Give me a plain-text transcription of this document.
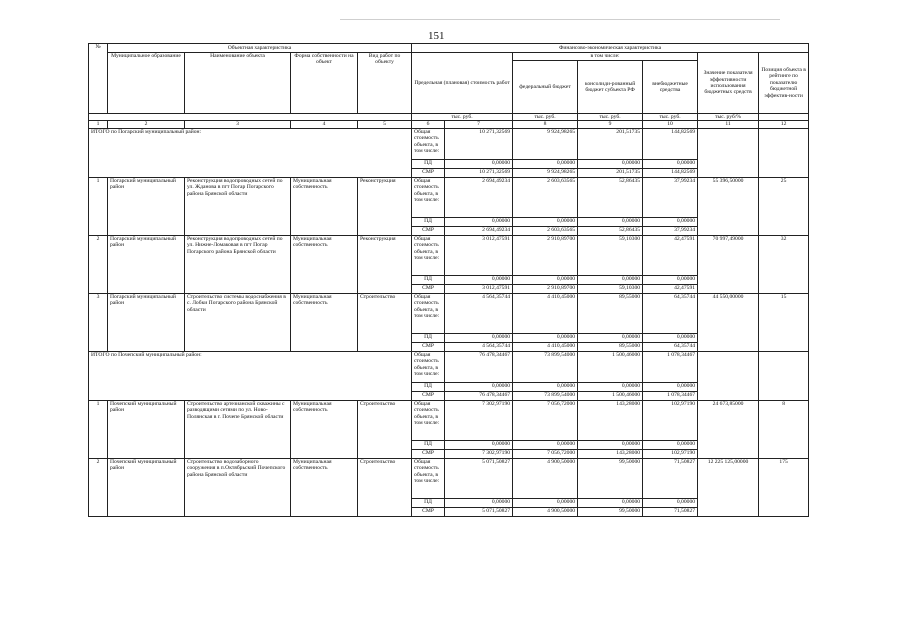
151
№	Объектная характеристика				Финансово-экономическая характеристика						
	Муниципальное образование	Наименование объекта	Форма собственности на объект	Вид работ по объекту	Предельная (плановая) стоимость работ		в том числе:			Значение показателя эффективности использования бюджетных средств	Позиция объекта в рейтинге по показателю бюджетной эффектив-ности
							федеральный бюджет	консолиди-рованный бюджет субъекта РФ	внебюджетные средства		
					тыс. руб.		тыс. руб.	тыс. руб.	тыс. руб.	тыс. руб/%	
1	2	3	4	5	6	7	8	9	10	11	12
ИТОГО по Погарский муниципальный район:					Общая стоимость объекта, в том числе:	10 271,32569	9 924,98265	201,51735	144,82569		
					ПД	0,00000	0,00000	0,00000	0,00000		
					СМР	10 271,32569	9 924,98265	201,51735	144,82569		
1	Погарский муниципальный район	Реконструкция водопроводных сетей по ул. Жданова в пгт Погар Погарского района Брянской области	Муниципальная собственность	Реконструкция	Общая стоимость объекта, в том числе:	2 694,49234	2 603,63565	52,86435	37,99234	55 396,50000	25
					ПД	0,00000	0,00000	0,00000	0,00000		
					СМР	2 694,49234	2 603,63565	52,86435	37,99234		
2	Погарский муниципальный район	Реконструкция водопроводных сетей по ул. Нижне-Ломаковая в пгт Погар Погарского района Брянской области	Муниципальная собственность	Реконструкция	Общая стоимость объекта, в том числе:	3 012,47591	2 910,89700	59,10300	42,47591	70 997,49000	32
					ПД	0,00000	0,00000	0,00000	0,00000		
					СМР	3 012,47591	2 910,89700	59,10300	42,47591		
3	Погарский муниципальный район	Строительство системы водоснабжения в с. Лобки Погарского района Брянской области	Муниципальная собственность	Строительство	Общая стоимость объекта, в том числе:	4 564,35744	4 410,45000	89,55000	64,35744	44 550,00000	15
					ПД	0,00000	0,00000	0,00000	0,00000		
					СМР	4 564,35744	4 410,45000	89,55000	64,35744		
ИТОГО по Почепский муниципальный район:					Общая стоимость объекта, в том числе:	76 478,34467	73 899,54000	1 500,46000	1 078,34467		
					ПД	0,00000	0,00000	0,00000	0,00000		
					СМР	76 478,34467	73 899,54000	1 500,46000	1 078,34467		
1	Почепский муниципальный район	Строительство артезианской скважины с разводящими сетями по ул. Ново-Полянская в г. Почепе Брянской области	Муниципальная собственность	Строительство	Общая стоимость объекта, в том числе:	7 302,97190	7 056,72000	143,28000	102,97190	24 673,85000	8
					ПД	0,00000	0,00000	0,00000	0,00000		
					СМР	7 302,97190	7 056,72000	143,28000	102,97190		
2	Почепский муниципальный район	Строительство водозаборного сооружения в п.Октябрьский Почепского района Брянской области	Муниципальная собственность	Строительство	Общая стоимость объекта, в том числе:	5 071,50827	4 900,50000	99,50000	71,50827	12 225 125,00000	175
					ПД	0,00000	0,00000	0,00000	0,00000		
					СМР	5 071,50827	4 900,50000	99,50000	71,50827		
